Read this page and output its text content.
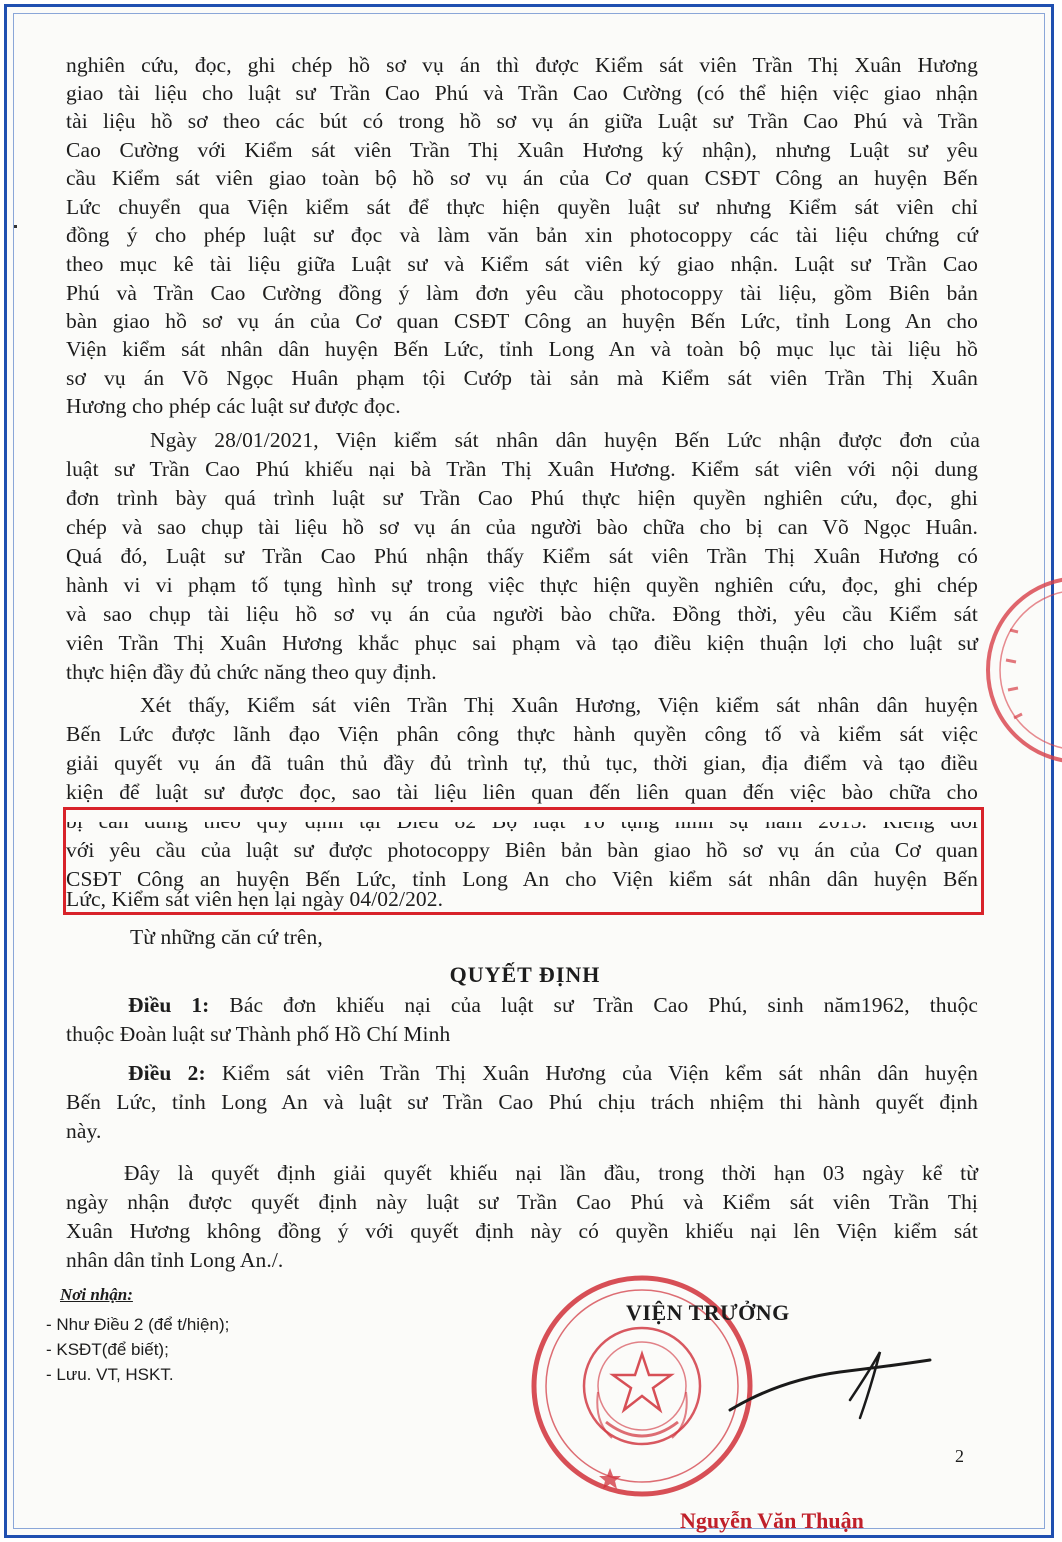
nghiên cứu, đọc, ghi chép hồ sơ vụ án thì được Kiểm sát viên Trần Thị Xuân Hương
giao tài liệu cho luật sư Trần Cao Phú và Trần Cao Cường (có thể hiện việc giao nhận
tài liệu hồ sơ theo các bút có trong hồ sơ vụ án giữa Luật sư Trần Cao Phú và Trần
Cao Cường với Kiểm sát viên Trần Thị Xuân Hương ký nhận), nhưng Luật sư yêu
cầu Kiểm sát viên giao toàn bộ hồ sơ vụ án của Cơ quan CSĐT Công an huyện Bến
Lức chuyển qua Viện kiểm sát để thực hiện quyền luật sư nhưng Kiểm sát viên chỉ
đồng ý cho phép luật sư đọc và làm văn bản xin photocoppy các tài liệu chứng cứ
theo mục kê tài liệu giữa Luật sư và Kiểm sát viên ký giao nhận. Luật sư Trần Cao
Phú và Trần Cao Cường đồng ý làm đơn yêu cầu photocoppy tài liệu, gồm Biên bản
bàn giao hồ sơ vụ án của Cơ quan CSĐT Công an huyện Bến Lức, tỉnh Long An cho
Viện kiểm sát nhân dân huyện Bến Lức, tỉnh Long An và toàn bộ mục lục tài liệu hồ
sơ vụ án Võ Ngọc Huân phạm tội Cướp tài sản mà Kiểm sát viên Trần Thị Xuân
Hương cho phép các luật sư được đọc.
Ngày 28/01/2021, Viện kiểm sát nhân dân huyện Bến Lức nhận được đơn của
luật sư Trần Cao Phú khiếu nại bà Trần Thị Xuân Hương. Kiểm sát viên với nội dung
đơn trình bày quá trình luật sư Trần Cao Phú thực hiện quyền nghiên cứu, đọc, ghi
chép và sao chụp tài liệu hồ sơ vụ án của người bào chữa cho bị can Võ Ngọc Huân.
Quá đó, Luật sư Trần Cao Phú nhận thấy Kiểm sát viên Trần Thị Xuân Hương có
hành vi vi phạm tố tụng hình sự trong việc thực hiện quyền nghiên cứu, đọc, ghi chép
và sao chụp tài liệu hồ sơ vụ án của người bào chữa. Đồng thời, yêu cầu Kiểm sát
viên Trần Thị Xuân Hương khắc phục sai phạm và tạo điều kiện thuận lợi cho luật sư
thực hiện đầy đủ chức năng theo quy định.
Xét thấy, Kiểm sát viên Trần Thị Xuân Hương, Viện kiểm sát nhân dân huyện
Bến Lức được lãnh đạo Viện phân công thực hành quyền công tố và kiểm sát việc
giải quyết vụ án đã tuân thủ đầy đủ trình tự, thủ tục, thời gian, địa điểm và tạo điều
kiện để luật sư được đọc, sao tài liệu liên quan đến liên quan đến việc bào chữa cho
với yêu cầu của luật sư được photocoppy Biên bản bàn giao hồ sơ vụ án của Cơ quan
CSĐT Công an huyện Bến Lức, tỉnh Long An cho Viện kiểm sát nhân dân huyện Bến
Lức, Kiểm sát viên hẹn lại ngày 04/02/202.
Từ những căn cứ trên,
QUYẾT ĐỊNH
Điều 1: Bác đơn khiếu nại của luật sư Trần Cao Phú, sinh năm1962, thuộc
thuộc Đoàn luật sư Thành phố Hồ Chí Minh
Điều 2: Kiểm sát viên Trần Thị Xuân Hương của Viện kểm sát nhân dân huyện
Bến Lức, tỉnh Long An và luật sư Trần Cao Phú chịu trách nhiệm thi hành quyết định
này.
Đây là quyết định giải quyết khiếu nại lần đầu, trong thời hạn 03 ngày kể từ
ngày nhận được quyết định này luật sư Trần Cao Phú và Kiểm sát viên Trần Thị
Xuân Hương không đồng ý với quyết định này có quyền khiếu nại lên Viện kiểm sát
nhân dân tỉnh Long An./.
Nơi nhận:
- Như Điều 2 (để t/hiện);
- KSĐT(để biết);
- Lưu. VT, HSKT.
VIỆN TRƯỞNG
Nguyễn Văn Thuận
2
